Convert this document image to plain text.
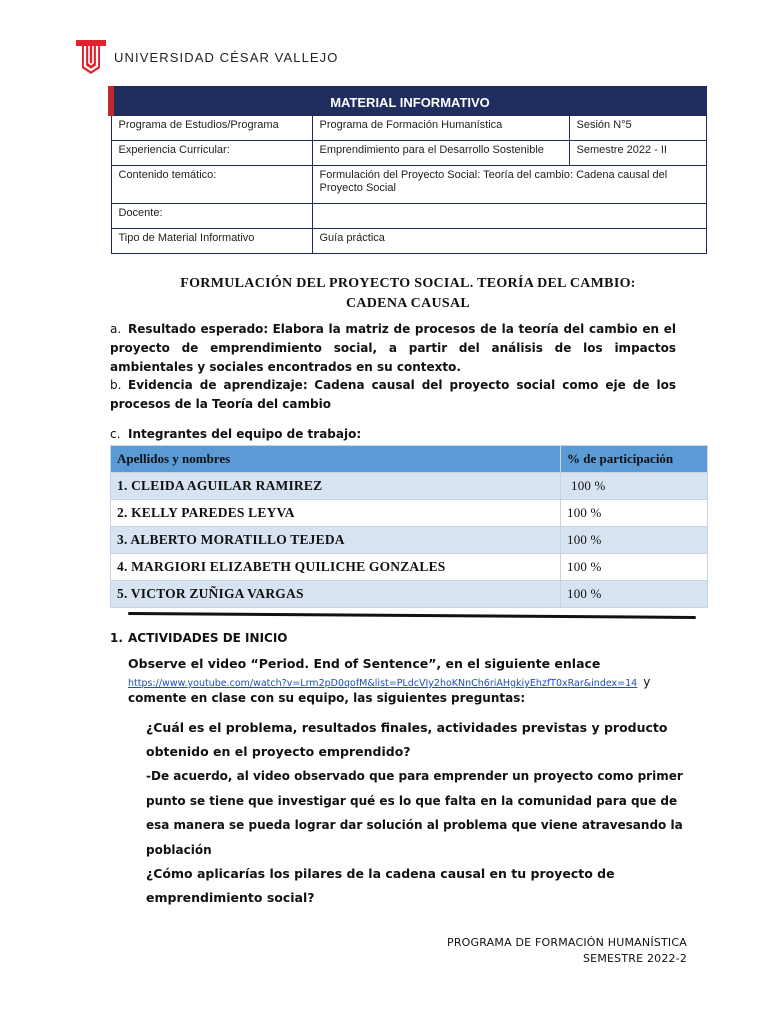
UNIVERSIDAD CÉSAR VALLEJO
MATERIAL INFORMATIVO		
Programa de Estudios/Programa	Programa de Formación Humanística	Sesión N°5
Experiencia Curricular:	Emprendimiento para el Desarrollo Sostenible	Semestre 2022 - II
Contenido temático:	Formulación del Proyecto Social: Teoría del cambio: Cadena causal del Proyecto Social	
Docente:		
Tipo de Material Informativo	Guía práctica	
FORMULACIÓN DEL PROYECTO SOCIAL. TEORÍA DEL CAMBIO:
CADENA CAUSAL
a. Resultado esperado: Elabora la matriz de procesos de la teoría del cambio en el proyecto de emprendimiento social, a partir del análisis de los impactos ambientales y sociales encontrados en su contexto.
b. Evidencia de aprendizaje: Cadena causal del proyecto social como eje de los procesos de la Teoría del cambio
c. Integrantes del equipo de trabajo:
Apellidos y nombres	% de participación
1. CLEIDA AGUILAR RAMIREZ	100 %
2. KELLY PAREDES LEYVA	100 %
3. ALBERTO MORATILLO TEJEDA	100 %
4. MARGIORI ELIZABETH QUILICHE GONZALES	100 %
5. VICTOR ZUÑIGA VARGAS	100 %
1. ACTIVIDADES DE INICIO
Observe el video “Period. End of Sentence”, en el siguiente enlace
https://www.youtube.com/watch?v=Lrm2pD0qofM&list=PLdcVIy2hoKNnCh6riAHgkiyEhzfT0xRar&index=14 y
comente en clase con su equipo, las siguientes preguntas:
¿Cuál es el problema, resultados finales, actividades previstas y producto obtenido en el proyecto emprendido?
-De acuerdo, al video observado que para emprender un proyecto como primer punto se tiene que investigar qué es lo que falta en la comunidad para que de esa manera se pueda lograr dar solución al problema que viene atravesando la población
¿Cómo aplicarías los pilares de la cadena causal en tu proyecto de emprendimiento social?
PROGRAMA DE FORMACIÓN HUMANÍSTICA
SEMESTRE 2022-2
